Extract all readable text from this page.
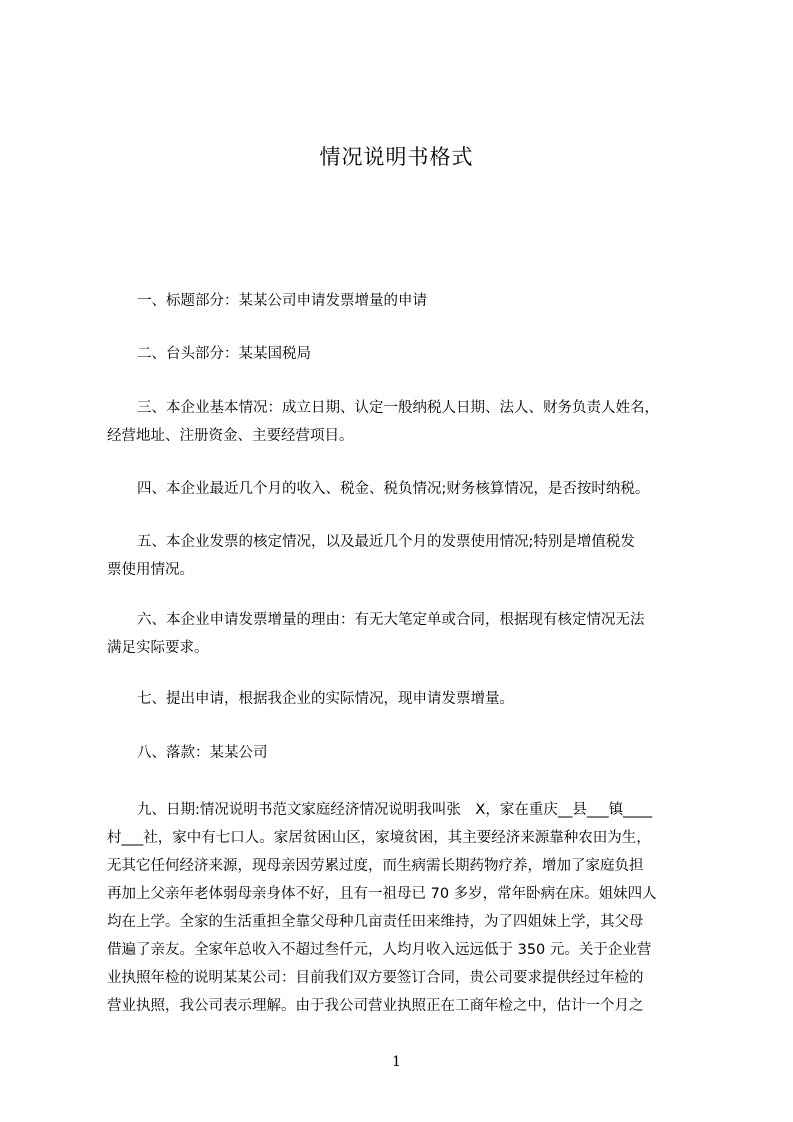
情况说明书格式
一、标题部分：某某公司申请发票增量的申请
二、台头部分：某某国税局
三、本企业基本情况：成立日期、认定一般纳税人日期、法人、财务负责人姓名，
经营地址、注册资金、主要经营项目。
四、本企业最近几个月的收入、税金、税负情况;财务核算情况，是否按时纳税。
五、本企业发票的核定情况，以及最近几个月的发票使用情况;特别是增值税发
票使用情况。
六、本企业申请发票增量的理由：有无大笔定单或合同，根据现有核定情况无法
满足实际要求。
七、提出申请，根据我企业的实际情况，现申请发票增量。
八、落款：某某公司
九、日期:情况说明书范文家庭经济情况说明我叫张　X，家在重庆__县___镇____
村___社，家中有七口人。家居贫困山区，家境贫困，其主要经济来源靠种农田为生，
无其它任何经济来源，现母亲因劳累过度，而生病需长期药物疗养，增加了家庭负担
再加上父亲年老体弱母亲身体不好，且有一祖母已 70 多岁，常年卧病在床。姐妹四人
均在上学。全家的生活重担全靠父母种几亩责任田来维持，为了四姐妹上学，其父母
借遍了亲友。全家年总收入不超过叁仟元，人均月收入远远低于 350 元。关于企业营
业执照年检的说明某某公司：目前我们双方要签订合同，贵公司要求提供经过年检的
营业执照，我公司表示理解。由于我公司营业执照正在工商年检之中，估计一个月之
1
